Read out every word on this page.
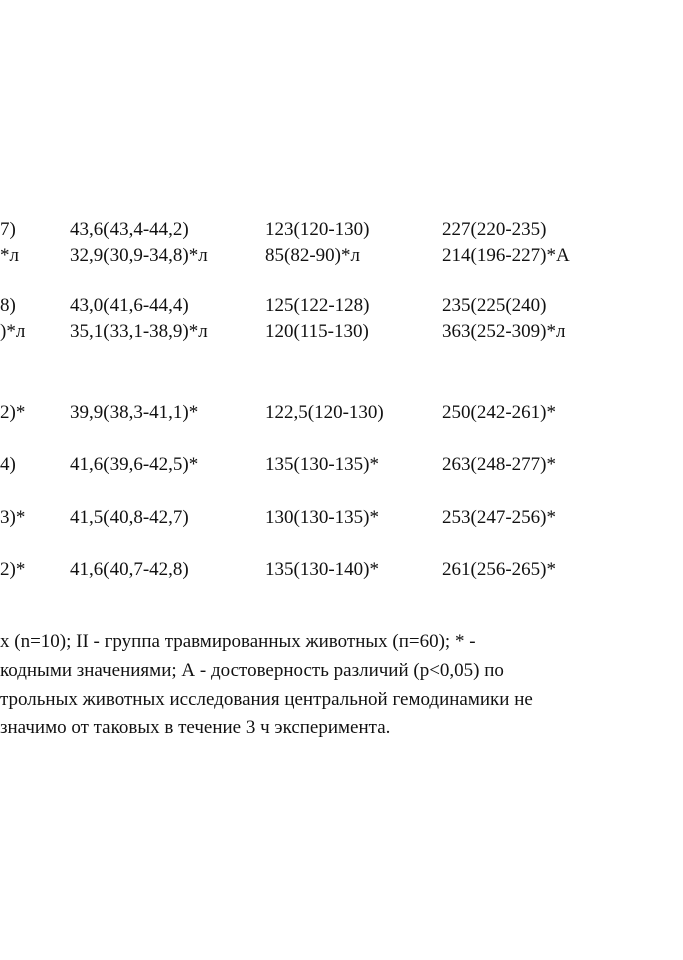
7)	43,6(43,4-44,2)	123(120-130)	227(220-235)
*л	32,9(30,9-34,8)*л	85(82-90)*л	214(196-227)*А
8)	43,0(41,6-44,4)	125(122-128)	235(225(240)
)*л 35,1(33,1-38,9)*л	120(115-130)	363(252-309)*л
2)* 39,9(38,3-41,1)*	122,5(120-130)	250(242-261)*
4)	41,6(39,6-42,5)*	135(130-135)*	263(248-277)*
3)* 41,5(40,8-42,7)	130(130-135)*	253(247-256)*
2)* 41,6(40,7-42,8)	135(130-140)*	261(256-265)*
х (n=10); II - группа травмированных животных (п=60); * -
кодными значениями; А - достоверность различий (р<0,05) по
трольных животных исследования центральной гемодинамики не
значимо от таковых в течение 3 ч эксперимента.
